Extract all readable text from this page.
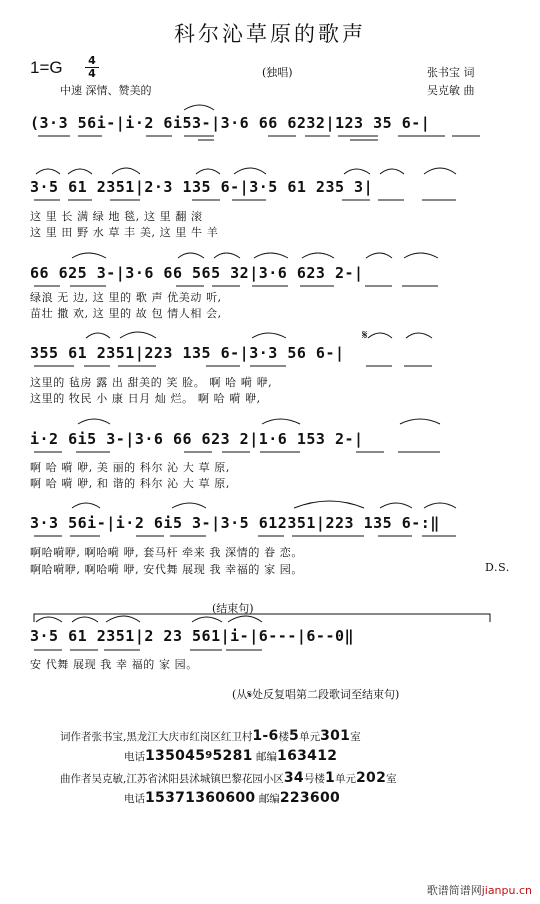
科尔沁草原的歌声
1=G 4
4	(独唱)	张书宝 词
吴克敏 曲
中速 深情、赞美的
(3·3 56i-|i·2 6i53-|3·6 66 6232|123 35 6-|
3·5 61 2351|2·3 135 6-|3·5 61 235 3|
这 里 长 满 绿 地 毯, 这 里 翻 滚
这 里 田 野 水 草 丰 美, 这 里 牛 羊
66 625 3-|3·6 66 565 32|3·6 623 2-|
绿浪 无 边, 这 里的 歌 声 优美动 听,
苗壮 撒 欢, 这 里的 故 包 情人相 会,
𝄋
355 61 2351|223 135 6-|3·3 56 6-|
这里的 毡房 露 出 甜美的 笑 脸。 啊 哈 嗬 咿,
这里的 牧民 小 康 日月 灿 烂。 啊 哈 嗬 咿,
i·2 6i5 3-|3·6 66 623 2|1·6 153 2-|
啊 哈 嗬 咿, 美 丽的 科尔 沁 大 草 原,
啊 哈 嗬 咿, 和 谐的 科尔 沁 大 草 原,
3·3 56i-|i·2 6i5 3-|3·5 612351|223 135 6-:‖
啊哈嗬咿, 啊哈嗬 咿, 套马杆 牵来 我 深情的 眷 恋。
啊哈嗬咿, 啊哈嗬 咿, 安代舞 展现 我 幸福的 家 园。	D.S.
(结束句)
3·5 61 2351|2 23 561|i-|6---|6--0‖
安 代舞 展现 我 幸 福的 家 园。
(从𝄋处反复唱第二段歌词至结束句)
词作者张书宝,黑龙江大庆市红岗区红卫村1-6楼5单元301室
电话13504595281 邮编163412
曲作者吴克敏,江苏省沭阳县沭城镇巴黎花园小区34号楼1单元202室
电话15371360600 邮编223600
歌谱简谱网jianpu.cn
